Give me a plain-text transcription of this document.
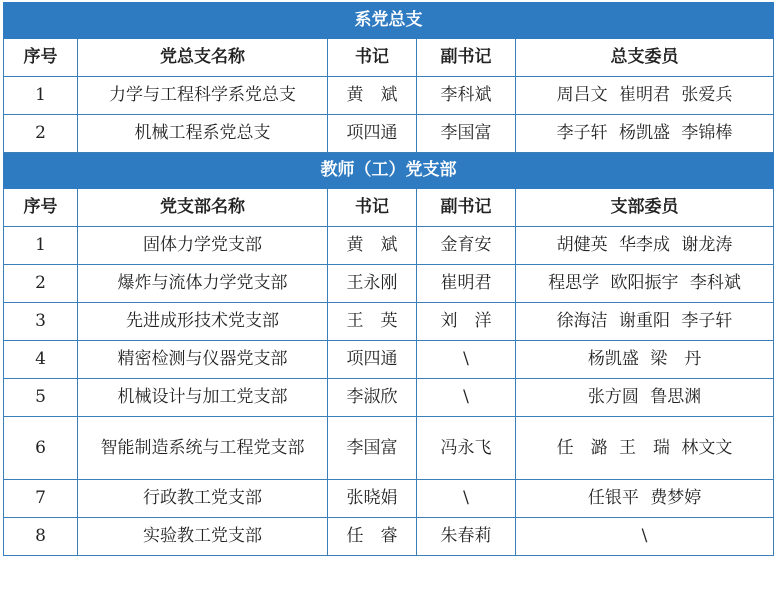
系党总支				
序号	党总支名称	书记	副书记	总支委员
1	力学与工程科学系党总支	黄　斌	李科斌	周吕文 崔明君 张爱兵
2	机械工程系党总支	项四通	李国富	李子轩 杨凯盛 李锦棒
教师（工）党支部				
序号	党支部名称	书记	副书记	支部委员
1	固体力学党支部	黄　斌	金育安	胡健英 华李成 谢龙涛
2	爆炸与流体力学党支部	王永刚	崔明君	程思学 欧阳振宇 李科斌
3	先进成形技术党支部	王　英	刘　洋	徐海洁 谢重阳 李子轩
4	精密检测与仪器党支部	项四通	\	杨凯盛 梁　丹
5	机械设计与加工党支部	李淑欣	\	张方圆 鲁思渊
6	智能制造系统与工程党支部	李国富	冯永飞	任　潞 王　瑞 林文文
7	行政教工党支部	张晓娟	\	任银平 费梦婷
8	实验教工党支部	任　睿	朱春莉	\
